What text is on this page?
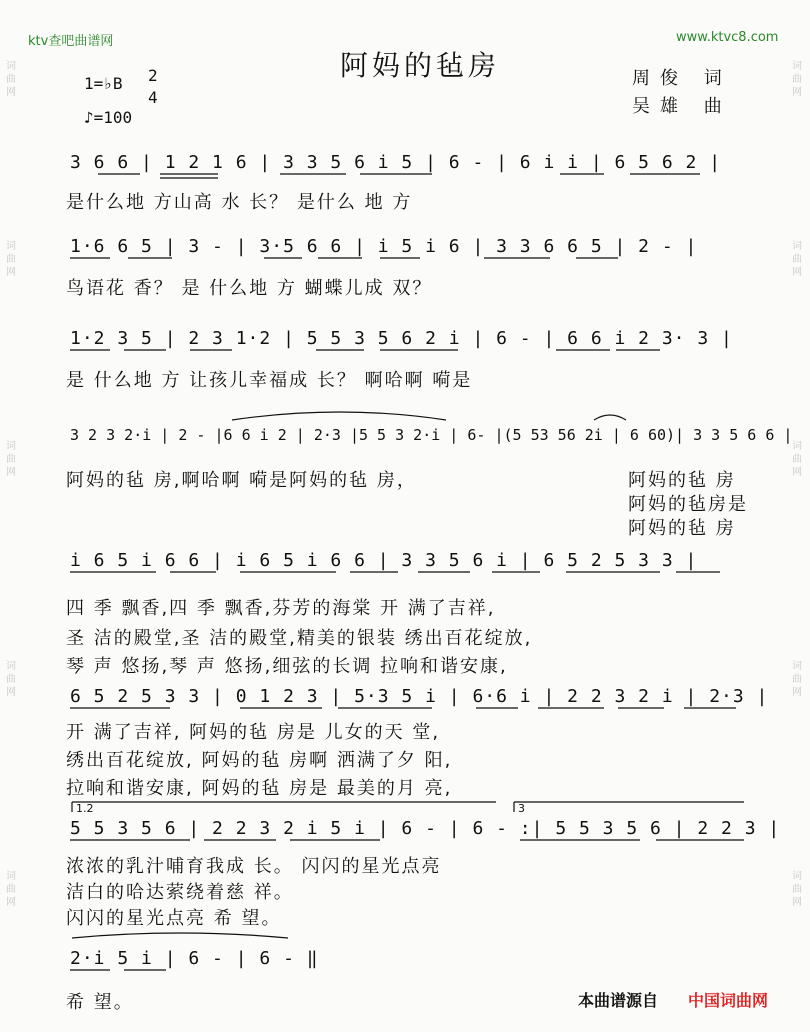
ktv查吧曲谱网	www.ktvc8.com
词
曲
网
词
曲
网
词
曲
网
词
曲
网
词
曲
网
词
曲
网
词
曲
网
词
曲
网
词
曲
网
词
曲
网
阿妈的毡房	周俊 词
吴雄 曲
1=♭B 2
4
♪=100
3 6 6 | 1 2 1 6 | 3 3 5 6 i 5 | 6 - | 6 i i | 6 5 6 2 |
是什么地 方山高 水 长？ 是什么 地 方
1·6 6 5 | 3 - | 3·5 6 6 | i 5 i 6 | 3 3 6 6 5 | 2 - |
鸟语花 香？ 是 什么地 方 蝴蝶儿成 双？
1·2 3 5 | 2 3 1·2 | 5 5 3 5 6 2 i | 6 - | 6 6 i 2 3· 3 |
是 什么地 方 让孩儿幸福成 长？ 啊哈啊 嗬是
3 2 3 2·i | 2 - |6 6 i 2 | 2·3 |5 5 3 2·i | 6- |(5 53 56 2i | 6 60)| 3 3 5 6 6 |
阿妈的毡 房,啊哈啊 嗬是阿妈的毡 房，	阿妈的毡 房
阿妈的毡房是
阿妈的毡 房
i 6 5 i 6 6 | i 6 5 i 6 6 | 3 3 5 6 i | 6 5 2 5 3 3 |
四 季 飘香,四 季 飘香,芬芳的海棠 开 满了吉祥,
圣 洁的殿堂,圣 洁的殿堂,精美的银装 绣出百花绽放,
琴 声 悠扬,琴 声 悠扬,细弦的长调 拉响和谐安康,
6 5 2 5 3 3 | 0 1 2 3 | 5·3 5 i | 6·6 i | 2 2 3 2 i | 2·3 |
开 满了吉祥, 阿妈的毡 房是 儿女的天 堂,
绣出百花绽放, 阿妈的毡 房啊 洒满了夕 阳,
拉响和谐安康, 阿妈的毡 房是 最美的月 亮,
1.2	3
5 5 3 5 6 | 2 2 3 2 i 5 i | 6 - | 6 - :| 5 5 3 5 6 | 2 2 3 |
浓浓的乳汁哺育我成 长。 闪闪的星光点亮
洁白的哈达萦绕着慈 祥。
闪闪的星光点亮 希 望。
2·i 5 i | 6 - | 6 - ‖
希 望。	本曲谱源自 中国词曲网
